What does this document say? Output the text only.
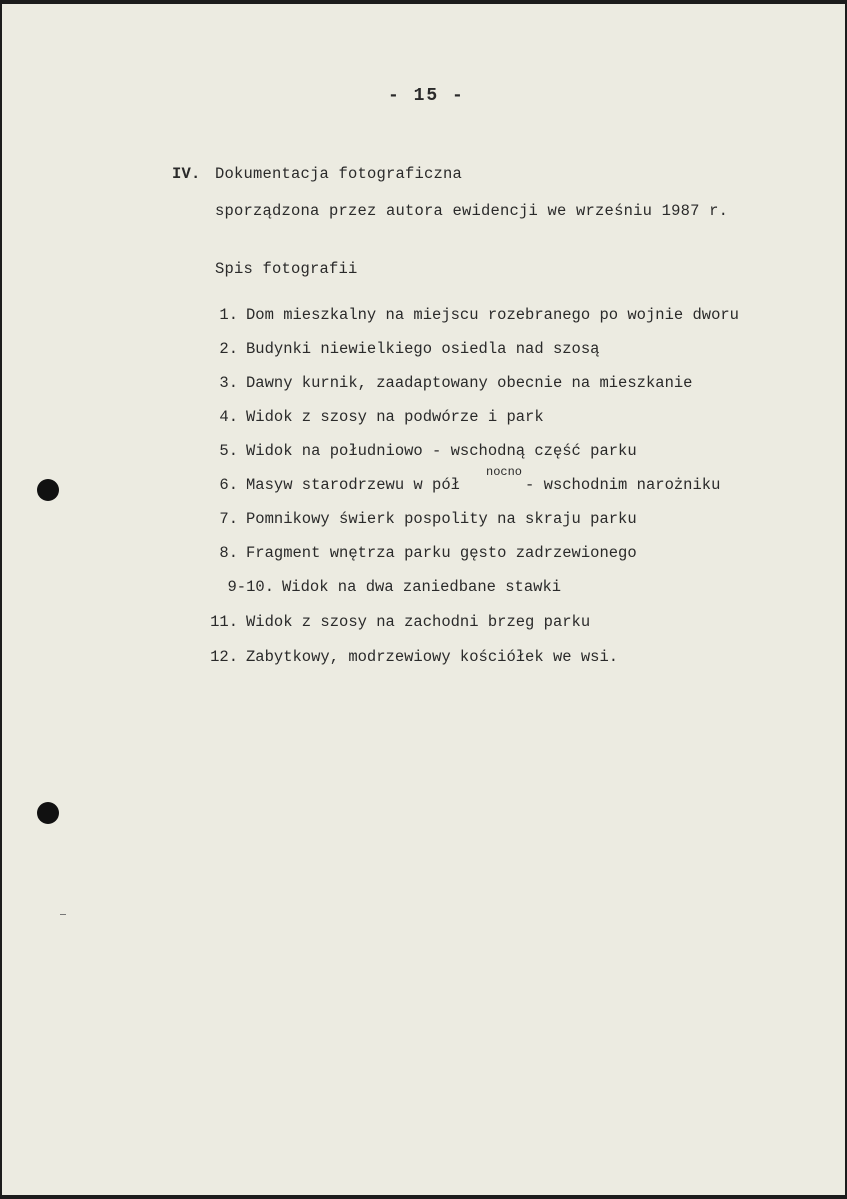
- 15 -
IV. Dokumentacja fotograficzna
sporządzona przez autora ewidencji we wrześniu 1987 r.
Spis fotografii
1. Dom mieszkalny na miejscu rozebranego po wojnie dworu
2. Budynki niewielkiego osiedla nad szosą
3. Dawny kurnik, zaadaptowany obecnie na mieszkanie
4. Widok z szosy na podwórze i park
5. Widok na południowo - wschodną część parku
6. Masyw starodrzewu w pół       - wschodnim narożniku
7. Pomnikowy świerk pospolity na skraju parku
8. Fragment wnętrza parku gęsto zadrzewionego
9-10. Widok na dwa zaniedbane stawki
11. Widok z szosy na zachodni brzeg parku
12. Zabytkowy, modrzewiowy kościółek we wsi.
nocno
